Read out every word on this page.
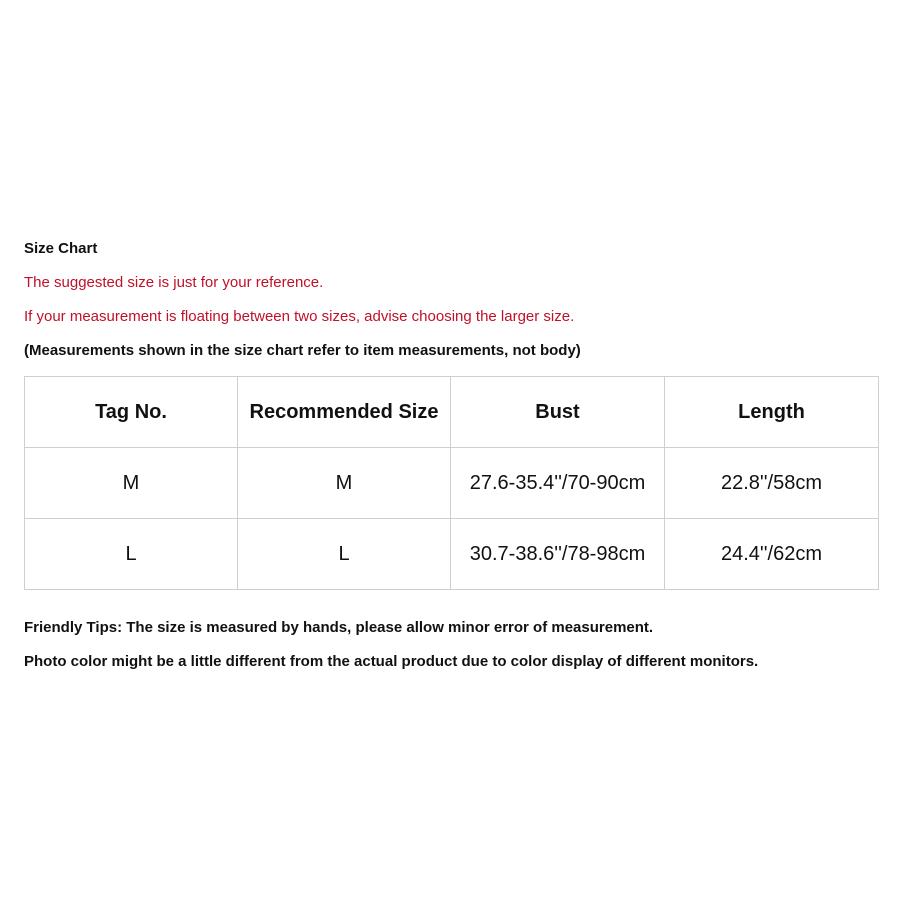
Size Chart
The suggested size is just for your reference.
If your measurement is floating between two sizes, advise choosing the larger size.
(Measurements shown in the size chart refer to item measurements, not body)
Tag No.	Recommended Size	Bust	Length
M	M	27.6-35.4''/70-90cm	22.8''/58cm
L	L	30.7-38.6''/78-98cm	24.4''/62cm
Friendly Tips: The size is measured by hands, please allow minor error of measurement.
Photo color might be a little different from the actual product due to color display of different monitors.
